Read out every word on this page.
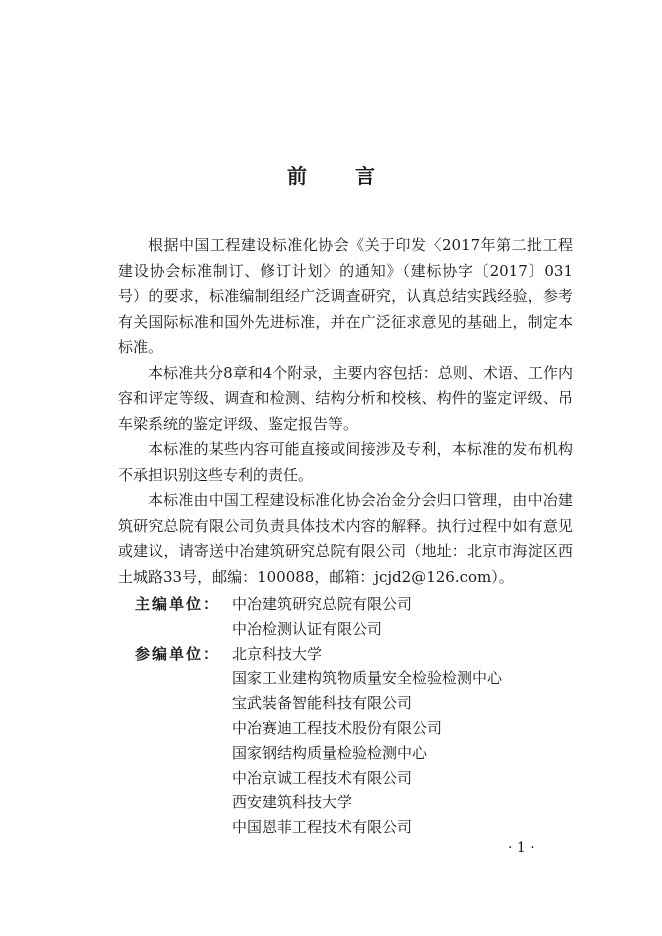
前 言

根据中国工程建设标准化协会《关于印发〈2017年第二批工程建设协会标准制订、修订计划〉的通知》（建标协字〔2017〕031号）的要求，标准编制组经广泛调查研究，认真总结实践经验，参考有关国际标准和国外先进标准，并在广泛征求意见的基础上，制定本标准。

本标准共分8章和4个附录，主要内容包括：总则、术语、工作内容和评定等级、调查和检测、结构分析和校核、构件的鉴定评级、吊车梁系统的鉴定评级、鉴定报告等。

本标准的某些内容可能直接或间接涉及专利，本标准的发布机构不承担识别这些专利的责任。

本标准由中国工程建设标准化协会冶金分会归口管理，由中冶建筑研究总院有限公司负责具体技术内容的解释。执行过程中如有意见或建议，请寄送中冶建筑研究总院有限公司（地址：北京市海淀区西土城路33号，邮编：100088，邮箱：jcjd2@126.com）。

主编单位： 中冶建筑研究总院有限公司
中冶检测认证有限公司
参编单位： 北京科技大学
国家工业建构筑物质量安全检验检测中心
宝武装备智能科技有限公司
中冶赛迪工程技术股份有限公司
国家钢结构质量检验检测中心
中冶京诚工程技术有限公司
西安建筑科技大学
中国恩菲工程技术有限公司
· 1 ·
